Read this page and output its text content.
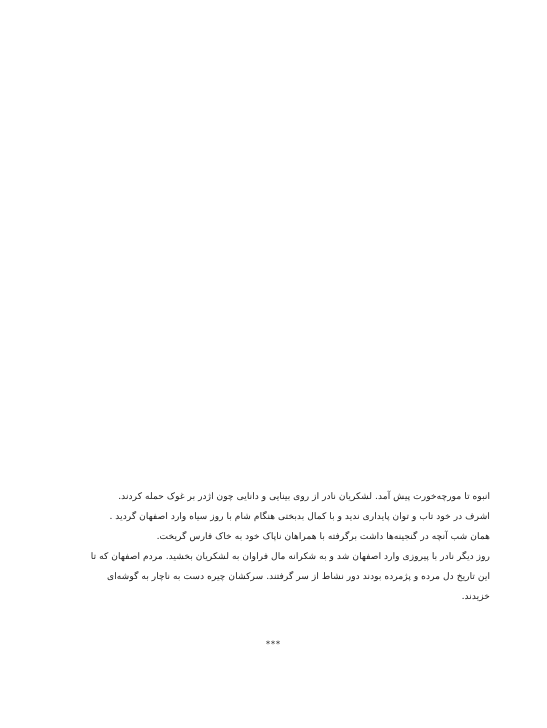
انبوه تا مورچه‌خورت پیش آمد. لشکریان نادر از روی بینایی و دانایی چون اژدر بر غوک حمله کردند.
اشرف در خود تاب و توان پایداری ندید و با کمال بدبختی هنگام شام با روز سیاه وارد اصفهان گردید .
همان شب آنچه در گنجینه‌ها داشت برگرفته با همراهان ناپاک خود به خاک فارس گریخت.
روز دیگر نادر با پیروزی وارد اصفهان شد و به شکرانه مال فراوان به لشکریان بخشید. مردم اصفهان که تا
این تاریخ دل مرده و پژمرده بودند دور نشاط از سر گرفتند. سرکشان چیره دست به ناچار به گوشه‌ای
خزیدند.
***
